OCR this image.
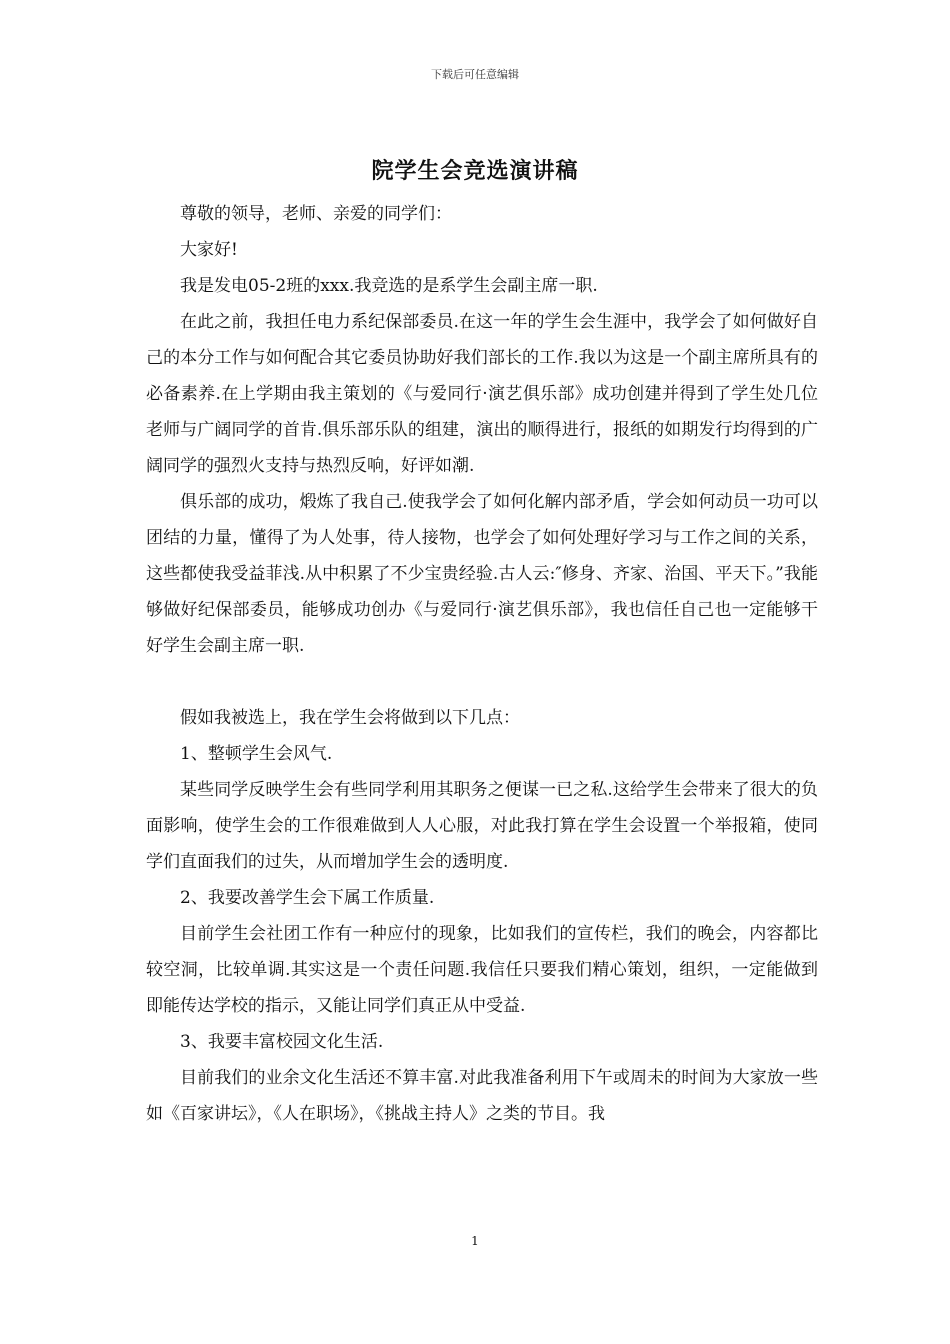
下载后可任意编辑
院学生会竞选演讲稿

尊敬的领导，老师、亲爱的同学们：

大家好!

我是发电05-2班的xxx.我竞选的是系学生会副主席一职.

在此之前，我担任电力系纪保部委员.在这一年的学生会生涯中，我学会了如何做好自己的本分工作与如何配合其它委员协助好我们部长的工作.我以为这是一个副主席所具有的必备素养.在上学期由我主策划的《与爱同行·演艺俱乐部》成功创建并得到了学生处几位老师与广阔同学的首肯.俱乐部乐队的组建，演出的顺得进行，报纸的如期发行均得到的广阔同学的强烈火支持与热烈反响，好评如潮.

俱乐部的成功，煅炼了我自己.使我学会了如何化解内部矛盾，学会如何动员一功可以团结的力量，懂得了为人处事，待人接物，也学会了如何处理好学习与工作之间的关系，这些都使我受益菲浅.从中积累了不少宝贵经验.古人云:″修身、齐家、治国、平天下。”我能够做好纪保部委员，能够成功创办《与爱同行·演艺俱乐部》，我也信任自己也一定能够干好学生会副主席一职.

假如我被选上，我在学生会将做到以下几点：

1、整顿学生会风气.

某些同学反映学生会有些同学利用其职务之便谋一已之私.这给学生会带来了很大的负面影响，使学生会的工作很难做到人人心服，对此我打算在学生会设置一个举报箱，使同学们直面我们的过失，从而增加学生会的透明度.

2、我要改善学生会下属工作质量.

目前学生会社团工作有一种应付的现象，比如我们的宣传栏，我们的晚会，内容都比较空洞，比较单调.其实这是一个责任问题.我信任只要我们精心策划，组织，一定能做到即能传达学校的指示，又能让同学们真正从中受益.

3、我要丰富校园文化生活.

目前我们的业余文化生活还不算丰富.对此我准备利用下午或周未的时间为大家放一些如《百家讲坛》，《人在职场》，《挑战主持人》之类的节目。我

1
